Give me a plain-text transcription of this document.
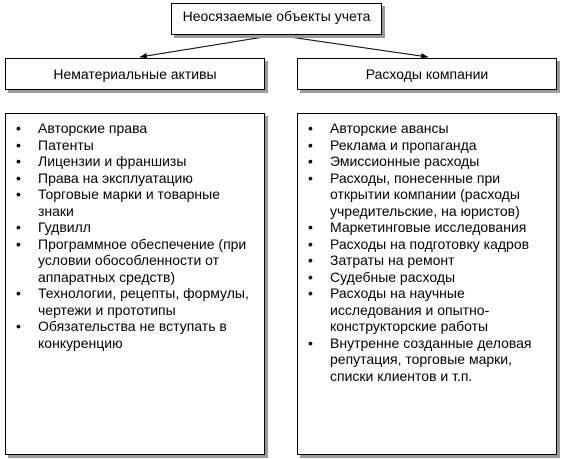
Неосязаемые объекты учета
Нематериальные активы	Расходы компании
• Авторские права
• Патенты
• Лицензии и франшизы
• Права на эксплуатацию
• Торговые марки и товарные знаки
• Гудвилл
• Программное обеспечение (при условии обособленности от аппаратных средств)
• Технологии, рецепты, формулы, чертежи и прототипы
• Обязательства не вступать в конкуренцию
• Авторские авансы
• Реклама и пропаганда
• Эмиссионные расходы
• Расходы, понесенные при открытии компании (расходы учредительские, на юристов)
• Маркетинговые исследования
• Расходы на подготовку кадров
• Затраты на ремонт
• Судебные расходы
• Расходы на научные исследования и опытно-конструкторские работы
• Внутренне созданные деловая репутация, торговые марки, списки клиентов и т.п.
